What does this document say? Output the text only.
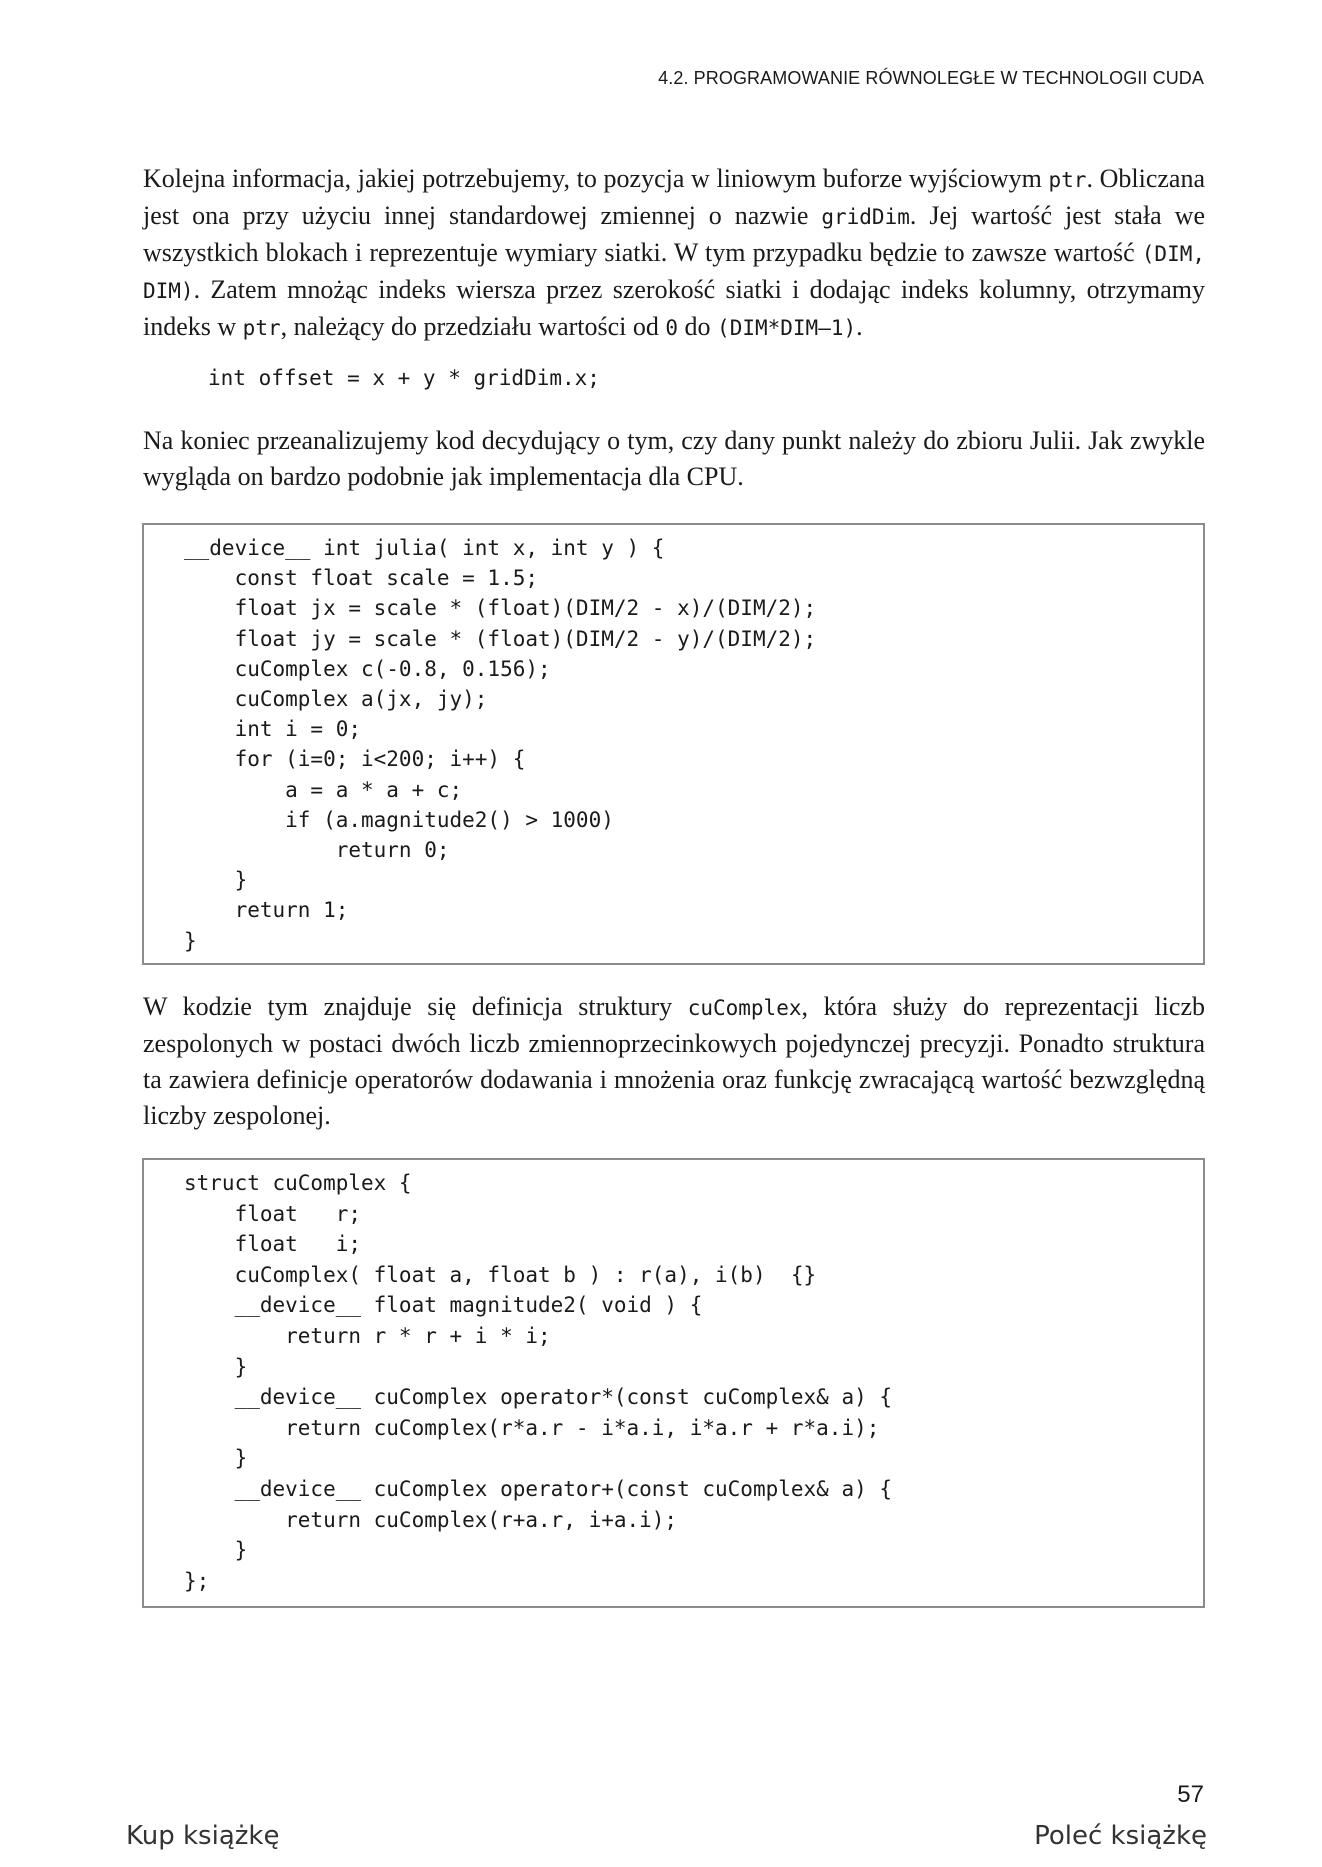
4.2. PROGRAMOWANIE RÓWNOLEGŁE W TECHNOLOGII CUDA

Kolejna informacja, jakiej potrzebujemy, to pozycja w liniowym buforze wyjściowym ptr. Obliczana jest ona przy użyciu innej standardowej zmiennej o nazwie gridDim. Jej wartość jest stała we wszystkich blokach i reprezentuje wymiary siatki. W tym przypadku będzie to zawsze wartość (DIM, DIM). Zatem mnożąc indeks wiersza przez szerokość siatki i dodając indeks kolumny, otrzymamy indeks w ptr, należący do przedziału wartości od 0 do (DIM*DIM–1).

int offset = x + y * gridDim.x;

Na koniec przeanalizujemy kod decydujący o tym, czy dany punkt należy do zbioru Julii. Jak zwykle wygląda on bardzo podobnie jak implementacja dla CPU.

__device__ int julia( int x, int y ) {
const float scale = 1.5;
float jx = scale * (float)(DIM/2 - x)/(DIM/2);
float jy = scale * (float)(DIM/2 - y)/(DIM/2);
cuComplex c(-0.8, 0.156);
cuComplex a(jx, jy);
int i = 0;
for (i=0; i<200; i++) {
a = a * a + c;
if (a.magnitude2() > 1000)
return 0;
}
return 1;
}

W kodzie tym znajduje się definicja struktury cuComplex, która służy do reprezentacji liczb zespolonych w postaci dwóch liczb zmiennoprzecinkowych pojedynczej precyzji. Ponadto struktura ta zawiera definicje operatorów dodawania i mnożenia oraz funkcję zwracającą wartość bezwzględną liczby zespolonej.

struct cuComplex {
float   r;
float   i;
cuComplex( float a, float b ) : r(a), i(b)  {}
__device__ float magnitude2( void ) {
return r * r + i * i;
}
__device__ cuComplex operator*(const cuComplex& a) {
return cuComplex(r*a.r - i*a.i, i*a.r + r*a.i);
}
__device__ cuComplex operator+(const cuComplex& a) {
return cuComplex(r+a.r, i+a.i);
}
};
57
Kup książkę	Poleć książkę
